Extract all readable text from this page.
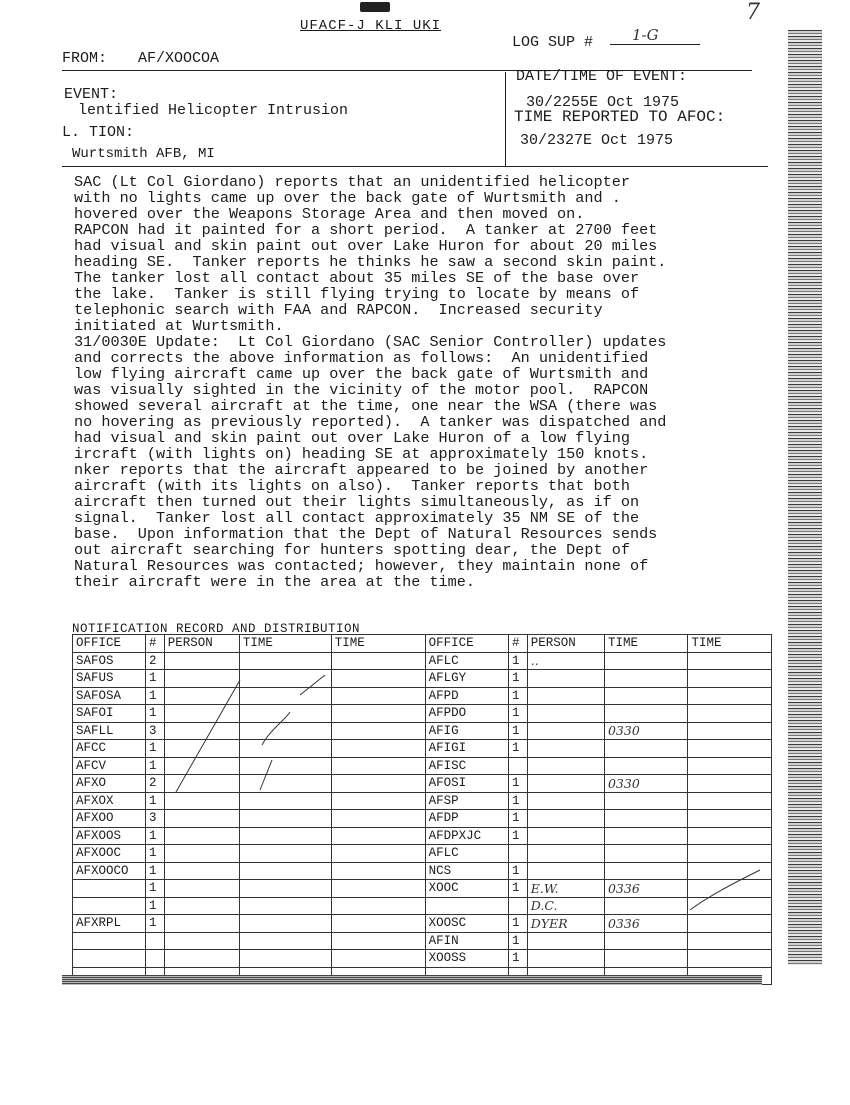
7
UFACF-J KLI UKI
FROM: AF/XOOCOA
LOG SUP #	1-G
EVENT:
lentified Helicopter Intrusion
L. TION:
Wurtsmith AFB, MI
DATE/TIME OF EVENT:
30/2255E Oct 1975
TIME REPORTED TO AFOC:
30/2327E Oct 1975
SAC (Lt Col Giordano) reports that an unidentified helicopter
with no lights came up over the back gate of Wurtsmith and .
hovered over the Weapons Storage Area and then moved on.
RAPCON had it painted for a short period.  A tanker at 2700 feet
had visual and skin paint out over Lake Huron for about 20 miles
heading SE.  Tanker reports he thinks he saw a second skin paint.
The tanker lost all contact about 35 miles SE of the base over
the lake.  Tanker is still flying trying to locate by means of
telephonic search with FAA and RAPCON.  Increased security
initiated at Wurtsmith.
31/0030E Update:  Lt Col Giordano (SAC Senior Controller) updates
and corrects the above information as follows:  An unidentified
low flying aircraft came up over the back gate of Wurtsmith and
was visually sighted in the vicinity of the motor pool.  RAPCON
showed several aircraft at the time, one near the WSA (there was
no hovering as previously reported).  A tanker was dispatched and
had visual and skin paint out over Lake Huron of a low flying
ircraft (with lights on) heading SE at approximately 150 knots.
nker reports that the aircraft appeared to be joined by another
aircraft (with its lights on also).  Tanker reports that both
aircraft then turned out their lights simultaneously, as if on
signal.  Tanker lost all contact approximately 35 NM SE of the
base.  Upon information that the Dept of Natural Resources sends
out aircraft searching for hunters spotting dear, the Dept of
Natural Resources was contacted; however, they maintain none of
their aircraft were in the area at the time.
NOTIFICATION RECORD AND DISTRIBUTION
OFFICE	#	PERSON	TIME	TIME	OFFICE	#	PERSON	TIME	TIME
SAFOS	2				AFLC	1	..		
SAFUS	1				AFLGY	1			
SAFOSA	1				AFPD	1			
SAFOI	1				AFPDO	1			
SAFLL	3				AFIG	1		0330	
AFCC	1				AFIGI	1			
AFCV	1				AFISC				
AFXO	2				AFOSI	1		0330	
AFXOX	1				AFSP	1			
AFXOO	3				AFDP	1			
AFXOOS	1				AFDPXJC	1			
AFXOOC	1				AFLC				
AFXOOCO	1				NCS	1			
	1				XOOC	1	E.W.	0336	
	1						D.C.		
AFXRPL	1				XOOSC	1	DYER	0336	
					AFIN	1			
					XOOSS	1			
